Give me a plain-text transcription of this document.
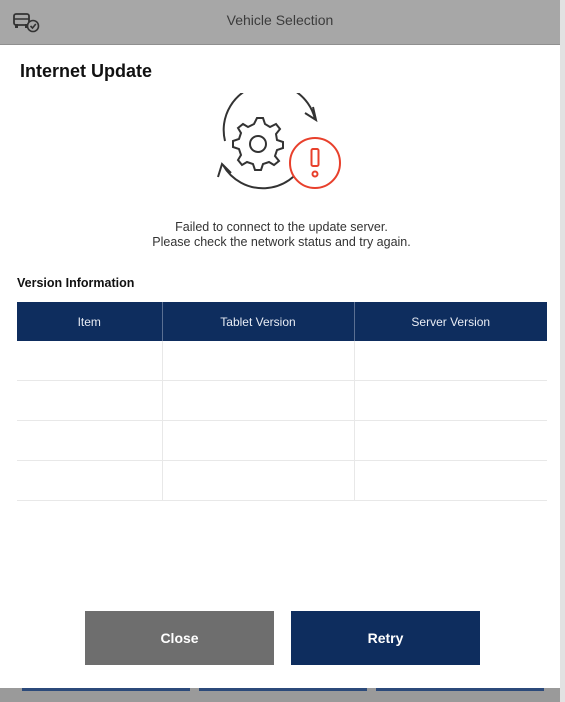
Vehicle Selection
Internet Update
Failed to connect to the update server.
Please check the network status and try again.
Version Information
Item	Tablet Version	Server Version

Close	Retry
